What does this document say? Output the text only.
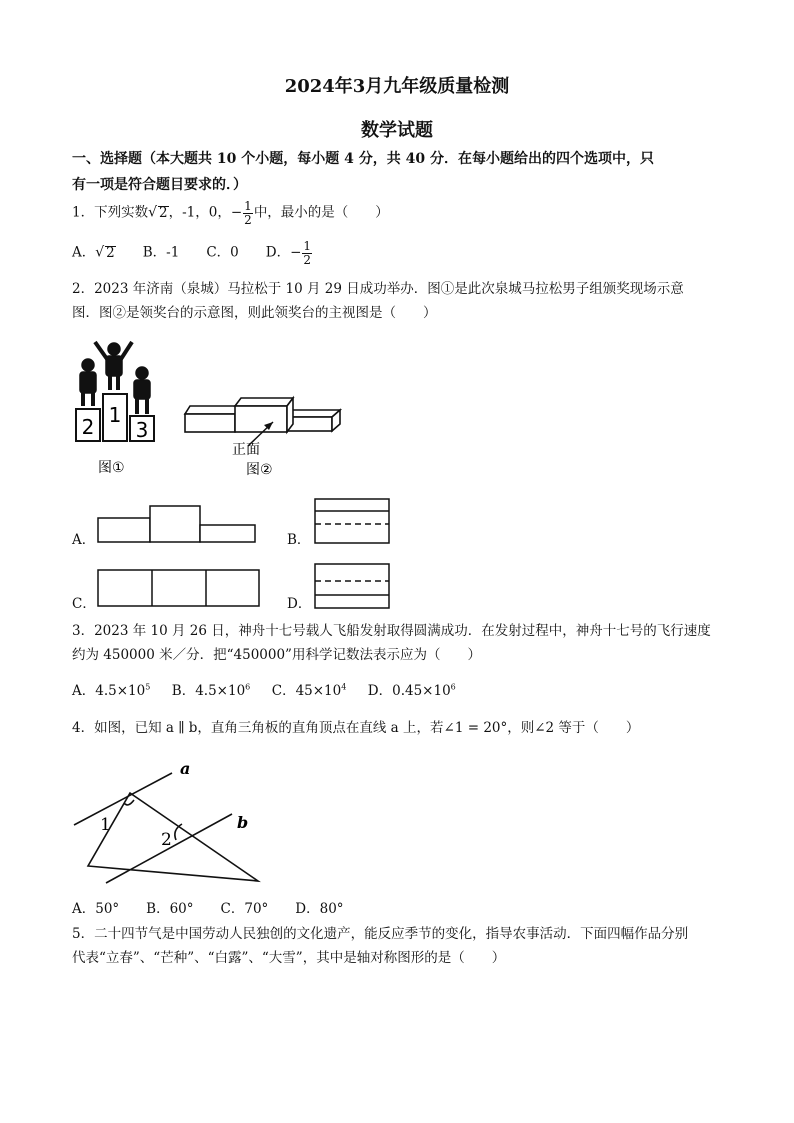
2024年3月九年级质量检测
数学试题
一、选择题（本大题共 10 个小题，每小题 4 分，共 40 分．在每小题给出的四个选项中，只
有一项是符合题目要求的．）
1．下列实数√ 2，-1，0，− $\frac{1}{2}$ 中，最小的是（　　）
A．√ 2　　B．-1　　C．0　　D．− $\frac{1}{2}$
2．2023 年济南（泉城）马拉松于 10 月 29 日成功举办．图①是此次泉城马拉松男子组颁奖现场示意
图．图②是领奖台的示意图，则此领奖台的主视图是（　　）
2 1
3
图①
正面
图②
A．	B．
C．	D．
3．2023 年 10 月 26 日，神舟十七号载人飞船发射取得圆满成功．在发射过程中，神舟十七号的飞行速度
约为 450000 米／分．把“450000”用科学记数法表示应为（　　）
A．$4.5\times 10^5$ B．$4.5\times 10^6$ C．$45\times 10^4$ D．$0.45\times 10^6$
4．如图，已知 a ∥ b，直角三角板的直角顶点在直线 a 上，若∠1 = 20°，则∠2 等于（　　）
a
b
1
2
A．50°　　B．60°　　C．70°　　D．80°
5．二十四节气是中国劳动人民独创的文化遗产，能反应季节的变化，指导农事活动．下面四幅作品分别
代表“立春”、“芒种”、“白露”、“大雪”，其中是轴对称图形的是（　　）
